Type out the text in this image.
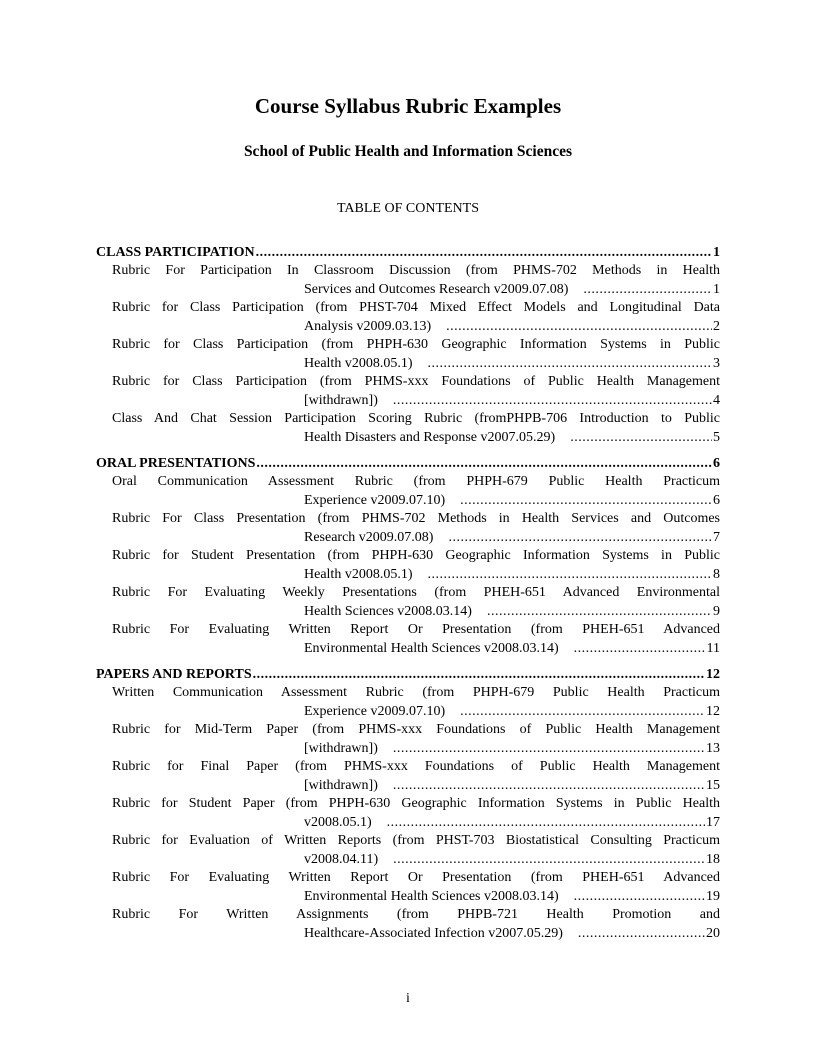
Course Syllabus Rubric Examples
School of Public Health and Information Sciences
TABLE OF CONTENTS
CLASS PARTICIPATION .....	1
Rubric For Participation In Classroom Discussion (from PHMS-702 Methods in Health
Services and Outcomes Research v2009.07.08) .....	1
Rubric for Class Participation (from PHST-704 Mixed Effect Models and Longitudinal Data
Analysis v2009.03.13) .....	2
Rubric for Class Participation (from PHPH-630 Geographic Information Systems in Public
Health v2008.05.1) .....	3
Rubric for Class Participation (from PHMS-xxx Foundations of Public Health Management
[withdrawn]) .....	4
Class And Chat Session Participation Scoring Rubric (fromPHPB-706 Introduction to Public
Health Disasters and Response v2007.05.29) .....	5
ORAL PRESENTATIONS .....	6
Oral Communication Assessment Rubric (from PHPH-679 Public Health Practicum
Experience v2009.07.10) .....	6
Rubric For Class Presentation (from PHMS-702 Methods in Health Services and Outcomes
Research v2009.07.08) .....	7
Rubric for Student Presentation (from PHPH-630 Geographic Information Systems in Public
Health v2008.05.1) .....	8
Rubric For Evaluating Weekly Presentations (from PHEH-651 Advanced Environmental
Health Sciences v2008.03.14) .....	9
Rubric For Evaluating Written Report Or Presentation (from PHEH-651 Advanced
Environmental Health Sciences v2008.03.14) .....	11
PAPERS AND REPORTS .....	12
Written Communication Assessment Rubric (from PHPH-679 Public Health Practicum
Experience v2009.07.10) .....	12
Rubric for Mid-Term Paper (from PHMS-xxx Foundations of Public Health Management
[withdrawn]) .....	13
Rubric for Final Paper (from PHMS-xxx Foundations of Public Health Management
[withdrawn]) .....	15
Rubric for Student Paper (from PHPH-630 Geographic Information Systems in Public Health
v2008.05.1) .....	17
Rubric for Evaluation of Written Reports (from PHST-703 Biostatistical Consulting Practicum
v2008.04.11) .....	18
Rubric For Evaluating Written Report Or Presentation (from PHEH-651 Advanced
Environmental Health Sciences v2008.03.14) .....	19
Rubric For Written Assignments (from PHPB-721 Health Promotion and
Healthcare-Associated Infection v2007.05.29) .....	20
i
